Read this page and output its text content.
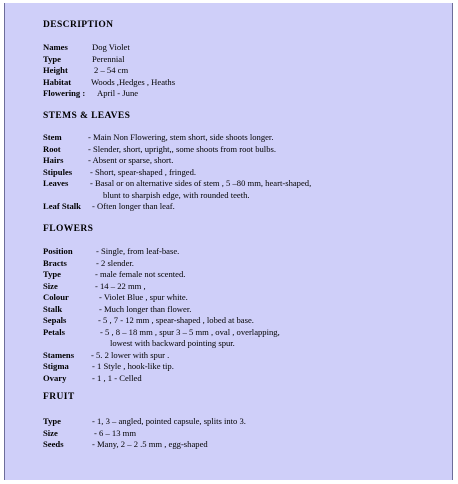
DESCRIPTION
Names	Dog Violet
Type	Perennial
Height	2 – 54 cm
Habitat Woods ,Hedges , Heaths
Flowering : April - June
STEMS & LEAVES
Stem	- Main Non Flowering, stem short, side shoots longer.
Root	- Slender, short, upright,, some shoots from root bulbs.
Hairs	- Absent or sparse, short.
Stipules - Short, spear-shaped , fringed.
Leaves	- Basal or on alternative sides of stem , 5 –80 mm, heart-shaped,
blunt to sharpish edge, with rounded teeth.
Leaf Stalk - Often longer than leaf.
FLOWERS
Position	- Single, from leaf-base.
Bracts	- 2 slender.
Type	- male female not scented.
Size	- 14 – 22 mm ,
Colour	- Violet Blue , spur white.
Stalk	- Much longer than flower.
Sepals	- 5 , 7 - 12 mm , spear-shaped , lobed at base.
Petals	- 5 , 8 – 18 mm , spur 3 – 5 mm , oval , overlapping,
lowest with backward pointing spur.
Stamens - 5. 2 lower with spur .
Stigma	- 1 Style , hook-like tip.
Ovary	- 1 , 1 - Celled
FRUIT
Type	- 1, 3 – angled, pointed capsule, splits into 3.
Size	- 6 – 13 mm
Seeds	- Many, 2 – 2 .5 mm , egg-shaped
